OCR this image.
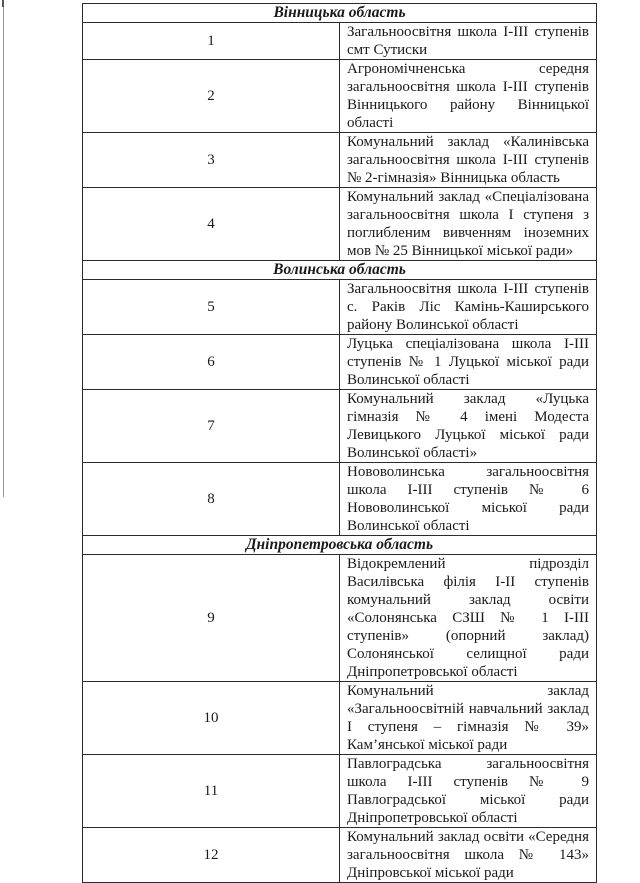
Вінницька область	
1	Загальноосвітня школа I-III ступенів смт Сутиски
2	Агрономічненська середня загальноосвітня школа I-III ступенів Вінницького району Вінницької області
3	Комунальний заклад «Калинівська загальноосвітня школа I-III ступенів № 2-гімназія» Вінницька область
4	Комунальний заклад «Спеціалізована загальноосвітня школа I ступеня з поглибленим вивченням іноземних мов № 25 Вінницької міської ради»
Волинська область	
5	Загальноосвітня школа I-III ступенів с. Раків Ліс Камінь-Каширського району Волинської області
6	Луцька спеціалізована школа I-III ступенів № 1 Луцької міської ради Волинської області
7	Комунальний заклад «Луцька гімназія № 4 імені Модеста Левицького Луцької міської ради Волинської області»
8	Нововолинська загальноосвітня школа I-III ступенів № 6 Нововолинської міської ради Волинської області
Дніпропетровська область	
9	Відокремлений підрозділ Василівська філія I-II ступенів комунальний заклад освіти «Солонянська СЗШ № 1 I-III ступенів» (опорний заклад) Солонянської селищної ради Дніпропетровської області
10	Комунальний заклад «Загальноосвітній навчальний заклад I ступеня – гімназія № 39» Кам’янської міської ради
11	Павлоградська загальноосвітня школа I-III ступенів № 9 Павлоградської міської ради Дніпропетровської області
12	Комунальний заклад освіти «Середня загальноосвітня школа № 143» Дніпровської міської ради
